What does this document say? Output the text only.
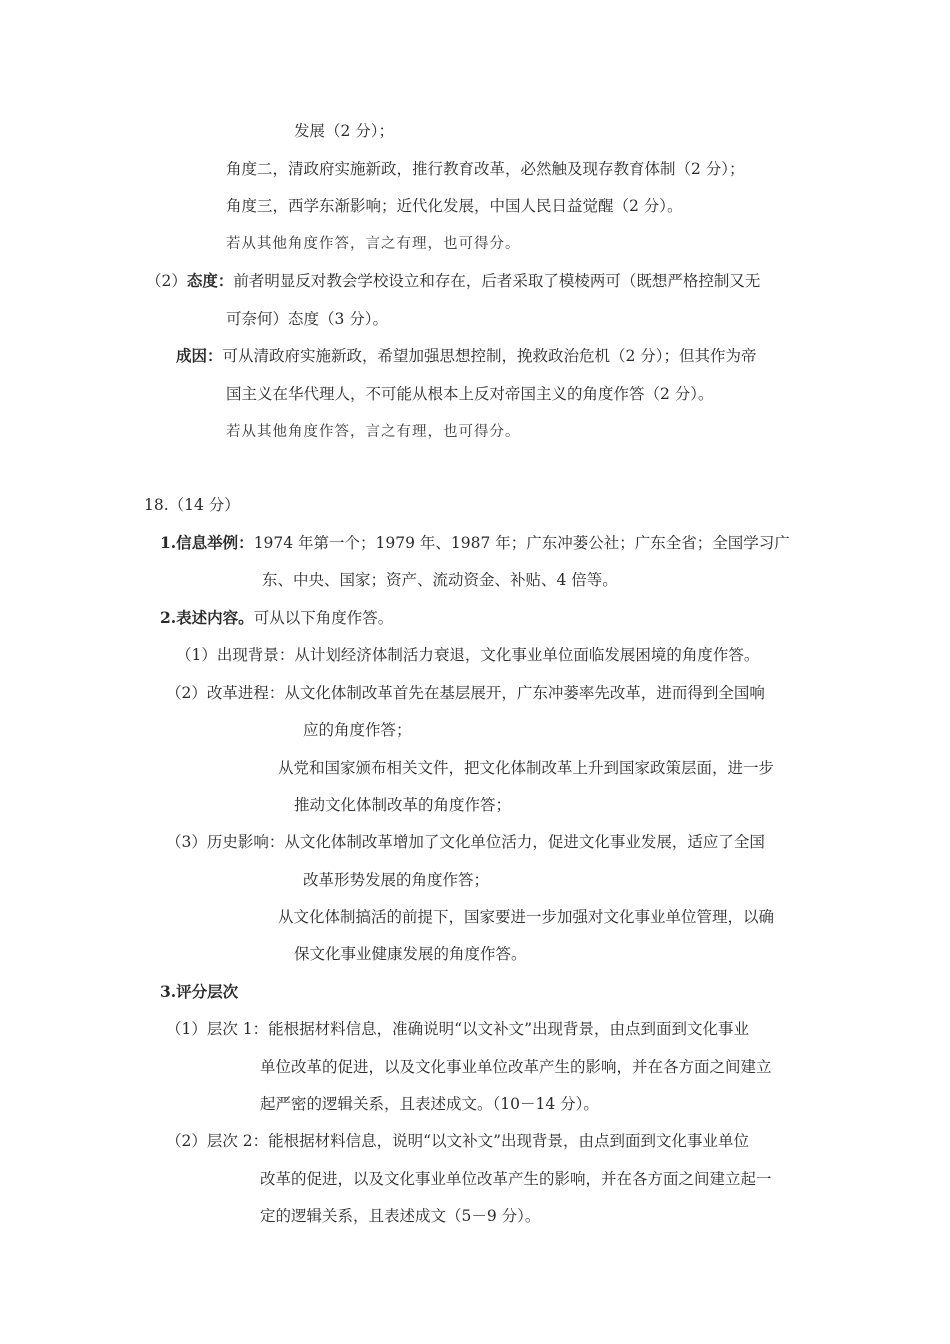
发展（2 分）；
角度二，清政府实施新政，推行教育改革，必然触及现存教育体制（2 分）；
角度三，西学东渐影响；近代化发展，中国人民日益觉醒（2 分）。
若从其他角度作答，言之有理，也可得分。
（2）态度：前者明显反对教会学校设立和存在，后者采取了模棱两可（既想严格控制又无
可奈何）态度（3 分）。
成因：可从清政府实施新政，希望加强思想控制，挽救政治危机（2 分）；但其作为帝
国主义在华代理人，不可能从根本上反对帝国主义的角度作答（2 分）。
若从其他角度作答，言之有理，也可得分。
18.（14 分）
1.信息举例：1974 年第一个；1979 年、1987 年；广东冲蒌公社；广东全省；全国学习广
东、中央、国家；资产、流动资金、补贴、4 倍等。
2.表述内容。可从以下角度作答。
（1）出现背景：从计划经济体制活力衰退，文化事业单位面临发展困境的角度作答。
（2）改革进程：从文化体制改革首先在基层展开，广东冲蒌率先改革，进而得到全国响
应的角度作答；
从党和国家颁布相关文件，把文化体制改革上升到国家政策层面，进一步
推动文化体制改革的角度作答；
（3）历史影响：从文化体制改革增加了文化单位活力，促进文化事业发展，适应了全国
改革形势发展的角度作答；
从文化体制搞活的前提下，国家要进一步加强对文化事业单位管理，以确
保文化事业健康发展的角度作答。
3.评分层次
（1）层次 1：能根据材料信息，准确说明“以文补文”出现背景，由点到面到文化事业
单位改革的促进，以及文化事业单位改革产生的影响，并在各方面之间建立
起严密的逻辑关系，且表述成文。（10－14 分）。
（2）层次 2：能根据材料信息，说明“以文补文”出现背景，由点到面到文化事业单位
改革的促进，以及文化事业单位改革产生的影响，并在各方面之间建立起一
定的逻辑关系，且表述成文（5－9 分）。
